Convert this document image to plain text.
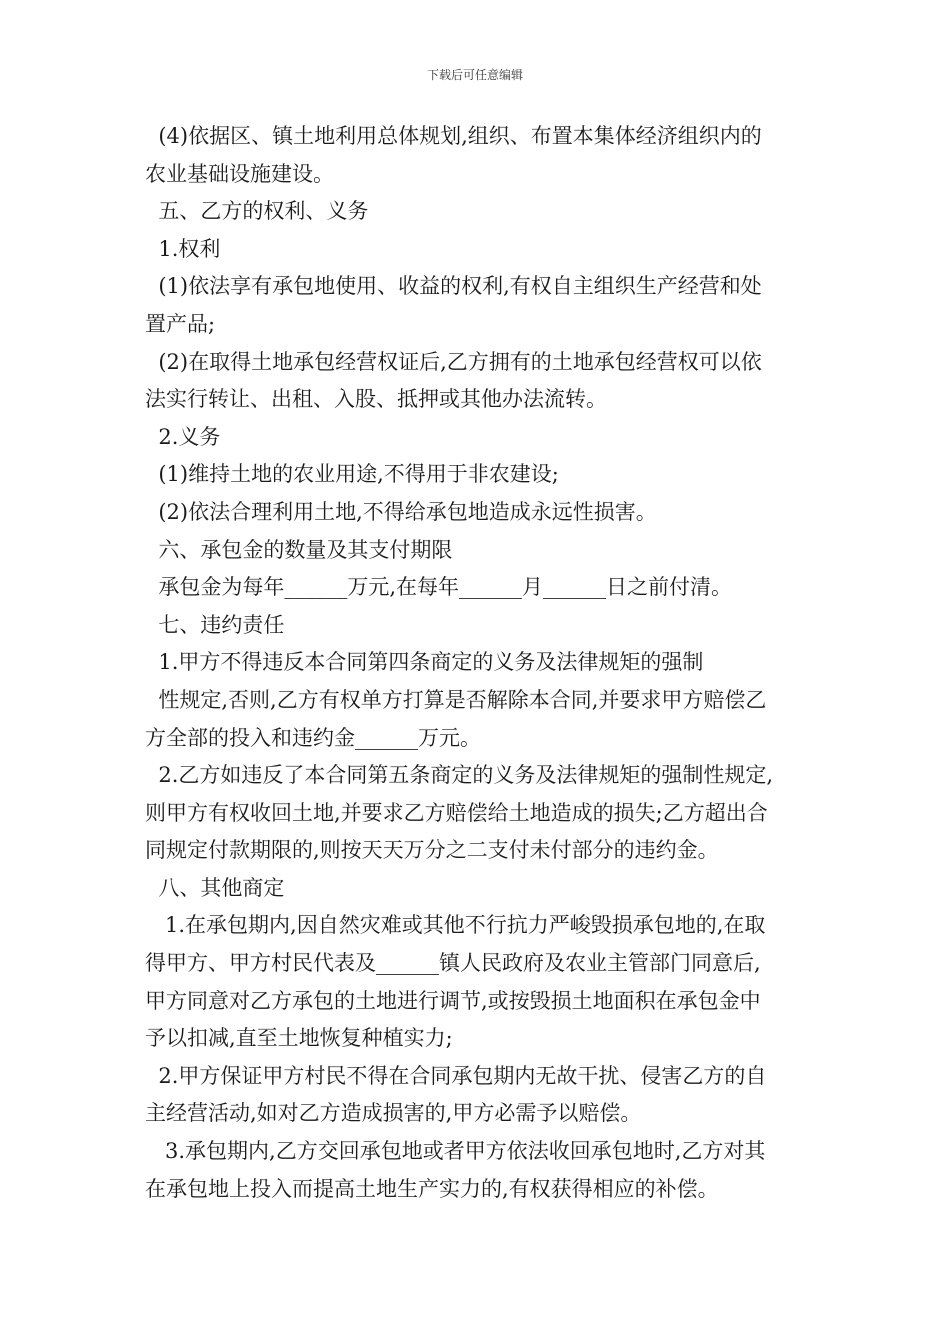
下载后可任意编辑

(4)依据区、镇土地利用总体规划,组织、布置本集体经济组织内的

农业基础设施建设。

五、乙方的权利、义务

1.权利

(1)依法享有承包地使用、收益的权利,有权自主组织生产经营和处

置产品;

(2)在取得土地承包经营权证后,乙方拥有的土地承包经营权可以依

法实行转让、出租、入股、抵押或其他办法流转。

2.义务

(1)维持土地的农业用途,不得用于非农建设;

(2)依法合理利用土地,不得给承包地造成永远性损害。

六、承包金的数量及其支付期限

承包金为每年______万元,在每年______月______日之前付清。

七、违约责任

1.甲方不得违反本合同第四条商定的义务及法律规矩的强制

性规定,否则,乙方有权单方打算是否解除本合同,并要求甲方赔偿乙

方全部的投入和违约金______万元。

2.乙方如违反了本合同第五条商定的义务及法律规矩的强制性规定,

则甲方有权收回土地,并要求乙方赔偿给土地造成的损失;乙方超出合

同规定付款期限的,则按天天万分之二支付未付部分的违约金。

八、其他商定

1.在承包期内,因自然灾难或其他不行抗力严峻毁损承包地的,在取

得甲方、甲方村民代表及______镇人民政府及农业主管部门同意后,

甲方同意对乙方承包的土地进行调节,或按毁损土地面积在承包金中

予以扣减,直至土地恢复种植实力;

2.甲方保证甲方村民不得在合同承包期内无故干扰、侵害乙方的自

主经营活动,如对乙方造成损害的,甲方必需予以赔偿。

3.承包期内,乙方交回承包地或者甲方依法收回承包地时,乙方对其

在承包地上投入而提高土地生产实力的,有权获得相应的补偿。
